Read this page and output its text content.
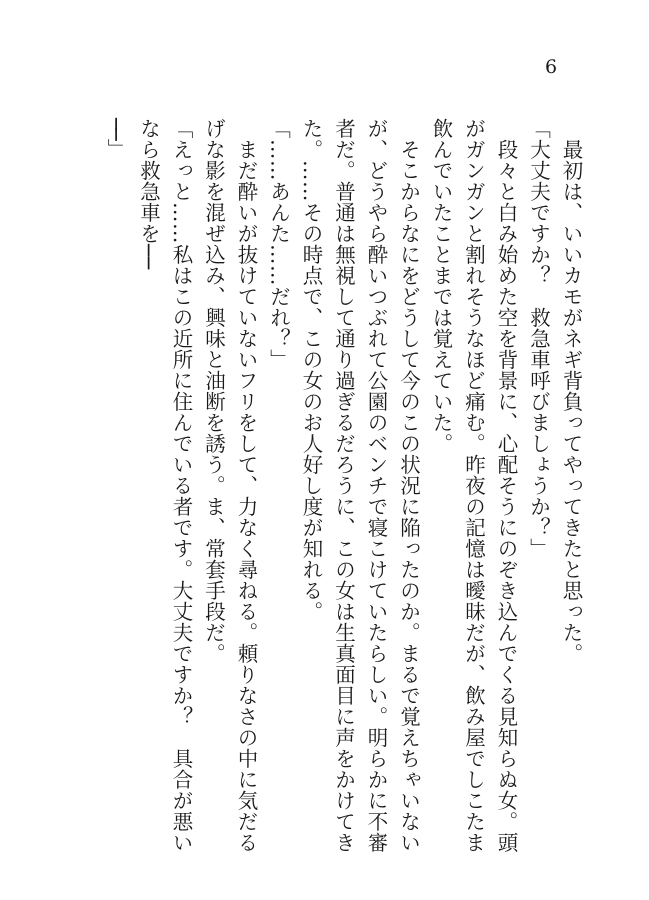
6

最初は、いいカモがネギ背負ってやってきたと思った。

「大丈夫ですか？　救急車呼びましょうか？」

段々と白み始めた空を背景に、心配そうにのぞき込んでくる見知らぬ女。頭がガンガンと割れそうなほど痛む。昨夜の記憶は曖昧だが、飲み屋でしこたま飲んでいたことまでは覚えていた。

そこからなにをどうして今のこの状況に陥ったのか。まるで覚えちゃいないが、どうやら酔いつぶれて公園のベンチで寝こけていたらしい。明らかに不審者だ。普通は無視して通り過ぎるだろうに、この女は生真面目に声をかけてきた。……その時点で、この女のお人好し度が知れる。

「……あんた……だれ？」

まだ酔いが抜けていないフリをして、力なく尋ねる。頼りなさの中に気だるげな影を混ぜ込み、興味と油断を誘う。ま、常套手段だ。

「えっと……私はこの近所に住んでいる者です。大丈夫ですか？　具合が悪いなら救急車を──

──」
